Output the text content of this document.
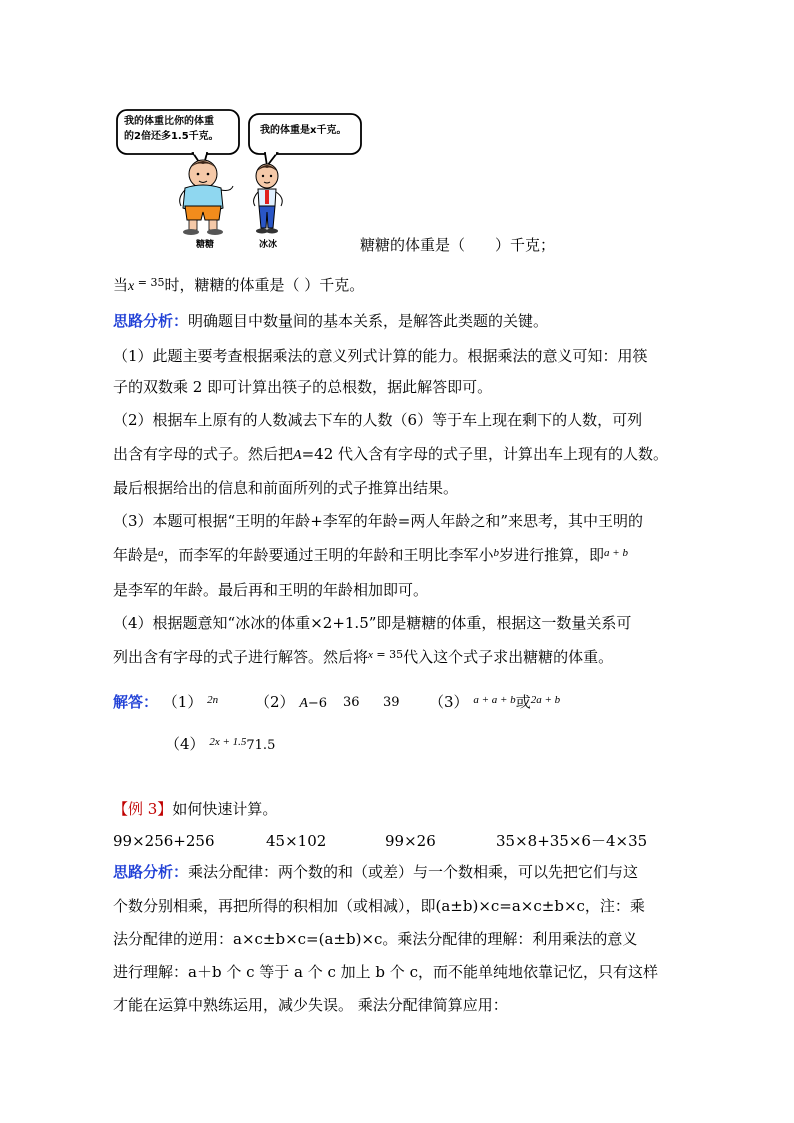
我的体重比你的体重
的2倍还多1.5千克。
我的体重是x千克。
糖糖	冰冰	糖糖的体重是（　　）千克；
当x = $^{35}$时，糖糖的体重是（ ）千克。
思路分析：明确题目中数量间的基本关系，是解答此类题的关键。
（1）此题主要考查根据乘法的意义列式计算的能力。根据乘法的意义可知：用筷
子的双数乘 2 即可计算出筷子的总根数，据此解答即可。
（2）根据车上原有的人数减去下车的人数（6）等于车上现在剩下的人数，可列
出含有字母的式子。然后把A=42 代入含有字母的式子里，计算出车上现有的人数。
最后根据给出的信息和前面所列的式子推算出结果。
（3）本题可根据“王明的年龄+李军的年龄=两人年龄之和”来思考，其中王明的
年龄是$^a$，而李军的年龄要通过王明的年龄和王明比李军小$^b$岁进行推算，即$^{a + b}$
是李军的年龄。最后再和王明的年龄相加即可。
（4）根据题意知“冰冰的体重×2+1.5”即是糖糖的体重，根据这一数量关系可
列出含有字母的式子进行解答。然后将$^x$ = $^{35}$代入这个式子求出糖糖的体重。
解答： （1） $^{2n}$ （2） A−6 36 39 （3） $^{a + a + b}$或$^{2a + b}$
（4） $^{2x + 1.5}$71.5
【例 3】如何快速计算。
99×256+256	45×102	99×26	35×8+35×6－4×35
思路分析：乘法分配律：两个数的和（或差）与一个数相乘，可以先把它们与这
个数分别相乘，再把所得的积相加（或相减），即(a±b)×c=a×c±b×c，注：乘
法分配律的逆用：a×c±b×c=(a±b)×c。乘法分配律的理解：利用乘法的意义
进行理解：a＋b 个 c 等于 a 个 c 加上 b 个 c，而不能单纯地依靠记忆，只有这样
才能在运算中熟练运用，减少失误。 乘法分配律简算应用：
